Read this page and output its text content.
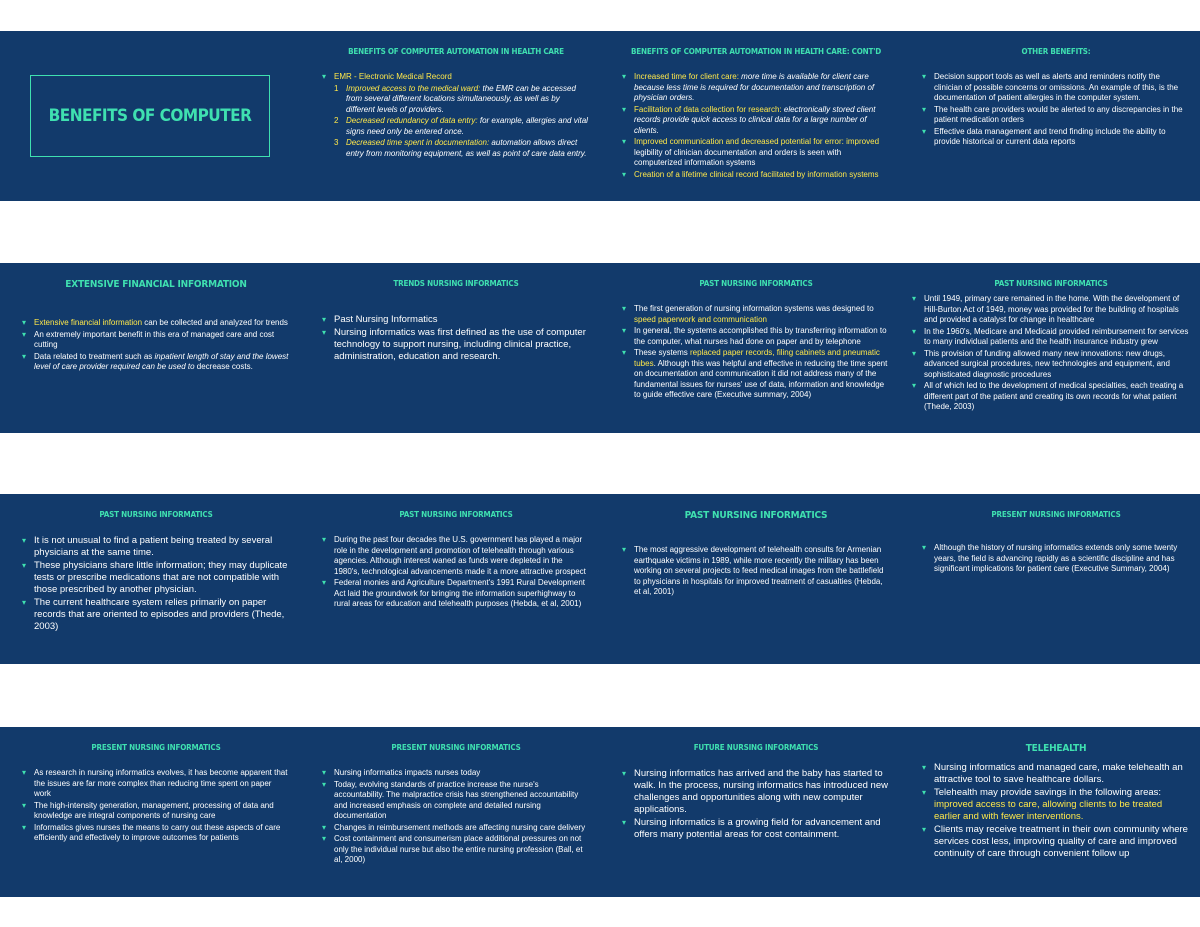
BENEFITS OF COMPUTER
BENEFITS OF COMPUTER AUTOMATION IN HEALTH CARE
▾ EMR - Electronic Medical Record
1 Improved access to the medical ward: the EMR can be accessed from several different locations simultaneously, as well as by different levels of providers.
2 Decreased redundancy of data entry: for example, allergies and vital signs need only be entered once.
3 Decreased time spent in documentation: automation allows direct entry from monitoring equipment, as well as point of care data entry.
BENEFITS OF COMPUTER AUTOMATION IN HEALTH CARE: CONT'D
▾ Increased time for client care: more time is available for client care because less time is required for documentation and transcription of physician orders.
▾ Facilitation of data collection for research: electronically stored client records provide quick access to clinical data for a large number of clients.
▾ Improved communication and decreased potential for error: improved legibility of clinician documentation and orders is seen with computerized information systems
▾ Creation of a lifetime clinical record facilitated by information systems
OTHER BENEFITS:
▾ Decision support tools as well as alerts and reminders notify the clinician of possible concerns or omissions. An example of this, is the documentation of patient allergies in the computer system.
▾ The health care providers would be alerted to any discrepancies in the patient medication orders
▾ Effective data management and trend finding include the ability to provide historical or current data reports
EXTENSIVE FINANCIAL INFORMATION
▾ Extensive financial information can be collected and analyzed for trends
▾ An extremely important benefit in this era of managed care and cost cutting
▾ Data related to treatment such as inpatient length of stay and the lowest level of care provider required can be used to decrease costs.
TRENDS NURSING INFORMATICS
▾ Past Nursing Informatics
▾ Nursing informatics was first defined as the use of computer technology to support nursing, including clinical practice, administration, education and research.
PAST NURSING INFORMATICS
▾ The first generation of nursing information systems was designed to speed paperwork and communication
▾ In general, the systems accomplished this by transferring information to the computer, what nurses had done on paper and by telephone
▾ These systems replaced paper records, filing cabinets and pneumatic tubes. Although this was helpful and effective in reducing the time spent on documentation and communication it did not address many of the fundamental issues for nurses' use of data, information and knowledge to guide effective care (Executive summary, 2004)
PAST NURSING INFORMATICS
▾ Until 1949, primary care remained in the home. With the development of Hill-Burton Act of 1949, money was provided for the building of hospitals and provided a catalyst for change in healthcare
▾ In the 1960's, Medicare and Medicaid provided reimbursement for services to many individual patients and the health insurance industry grew
▾ This provision of funding allowed many new innovations: new drugs, advanced surgical procedures, new technologies and equipment, and sophisticated diagnostic procedures
▾ All of which led to the development of medical specialties, each treating a different part of the patient and creating its own records for what patient (Thede, 2003)
PAST NURSING INFORMATICS
▾ It is not unusual to find a patient being treated by several physicians at the same time.
▾ These physicians share little information; they may duplicate tests or prescribe medications that are not compatible with those prescribed by another physician.
▾ The current healthcare system relies primarily on paper records that are oriented to episodes and providers (Thede, 2003)
PAST NURSING INFORMATICS
▾ During the past four decades the U.S. government has played a major role in the development and promotion of telehealth through various agencies. Although interest waned as funds were depleted in the 1980's, technological advancements made it a more attractive prospect
▾ Federal monies and Agriculture Department's 1991 Rural Development Act laid the groundwork for bringing the information superhighway to rural areas for education and telehealth purposes (Hebda, et al, 2001)
PAST NURSING INFORMATICS
▾ The most aggressive development of telehealth consults for Armenian earthquake victims in 1989, while more recently the military has been working on several projects to feed medical images from the battlefield to physicians in hospitals for improved treatment of casualties (Hebda, et al, 2001)
PRESENT NURSING INFORMATICS
▾ Although the history of nursing informatics extends only some twenty years, the field is advancing rapidly as a scientific discipline and has significant implications for patient care (Executive Summary, 2004)
PRESENT NURSING INFORMATICS
▾ As research in nursing informatics evolves, it has become apparent that the issues are far more complex than reducing time spent on paper work
▾ The high-intensity generation, management, processing of data and knowledge are integral components of nursing care
▾ Informatics gives nurses the means to carry out these aspects of care efficiently and effectively to improve outcomes for patients
PRESENT NURSING INFORMATICS
▾ Nursing informatics impacts nurses today
▾ Today, evolving standards of practice increase the nurse's accountability. The malpractice crisis has strengthened accountability and increased emphasis on complete and detailed nursing documentation
▾ Changes in reimbursement methods are affecting nursing care delivery
▾ Cost containment and consumerism place additional pressures on not only the individual nurse but also the entire nursing profession (Ball, et al, 2000)
FUTURE NURSING INFORMATICS
▾ Nursing informatics has arrived and the baby has started to walk. In the process, nursing informatics has introduced new challenges and opportunities along with new computer applications.
▾ Nursing informatics is a growing field for advancement and offers many potential areas for cost containment.
TELEHEALTH
▾ Nursing informatics and managed care, make telehealth an attractive tool to save healthcare dollars.
▾ Telehealth may provide savings in the following areas: improved access to care, allowing clients to be treated earlier and with fewer interventions.
▾ Clients may receive treatment in their own community where services cost less, improving quality of care and improved continuity of care through convenient follow up
